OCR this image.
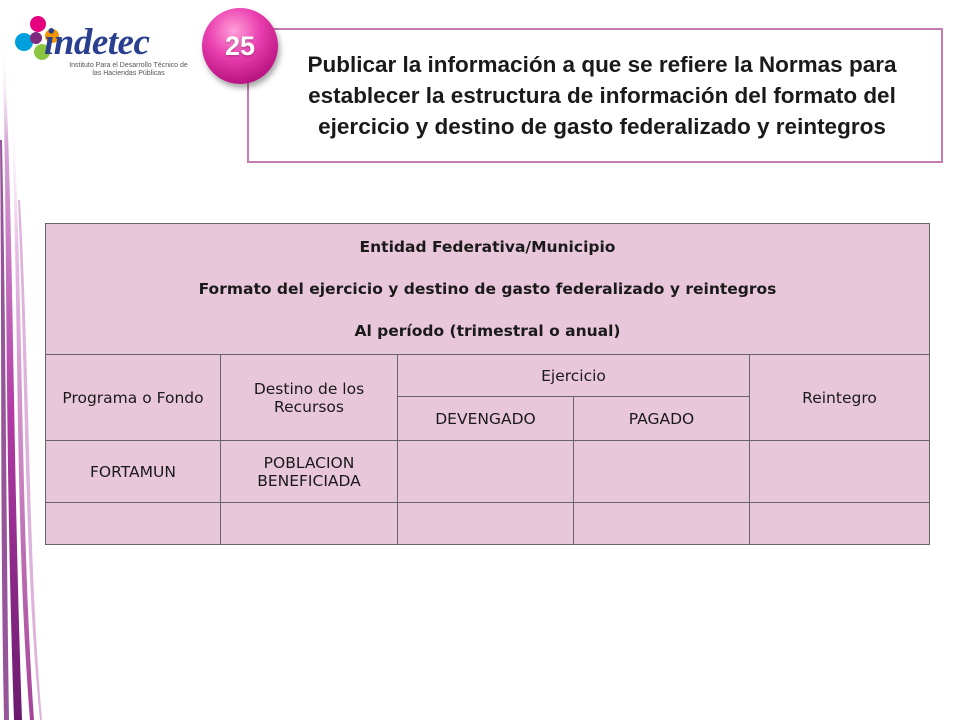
indetec
Instituto Para el Desarrollo Técnico de las Haciendas Públicas	Publicar la información a que se refiere la Normas para establecer la estructura de información del formato del ejercicio y destino de gasto federalizado y reintegros
25
Entidad Federativa/Municipio
Formato del ejercicio y destino de gasto federalizado y reintegros
Al período (trimestral o anual)				

Programa o Fondo	Destino de los Recursos	Ejercicio		Reintegro
		DEVENGADO	PAGADO	
FORTAMUN	POBLACION BENEFICIADA			
